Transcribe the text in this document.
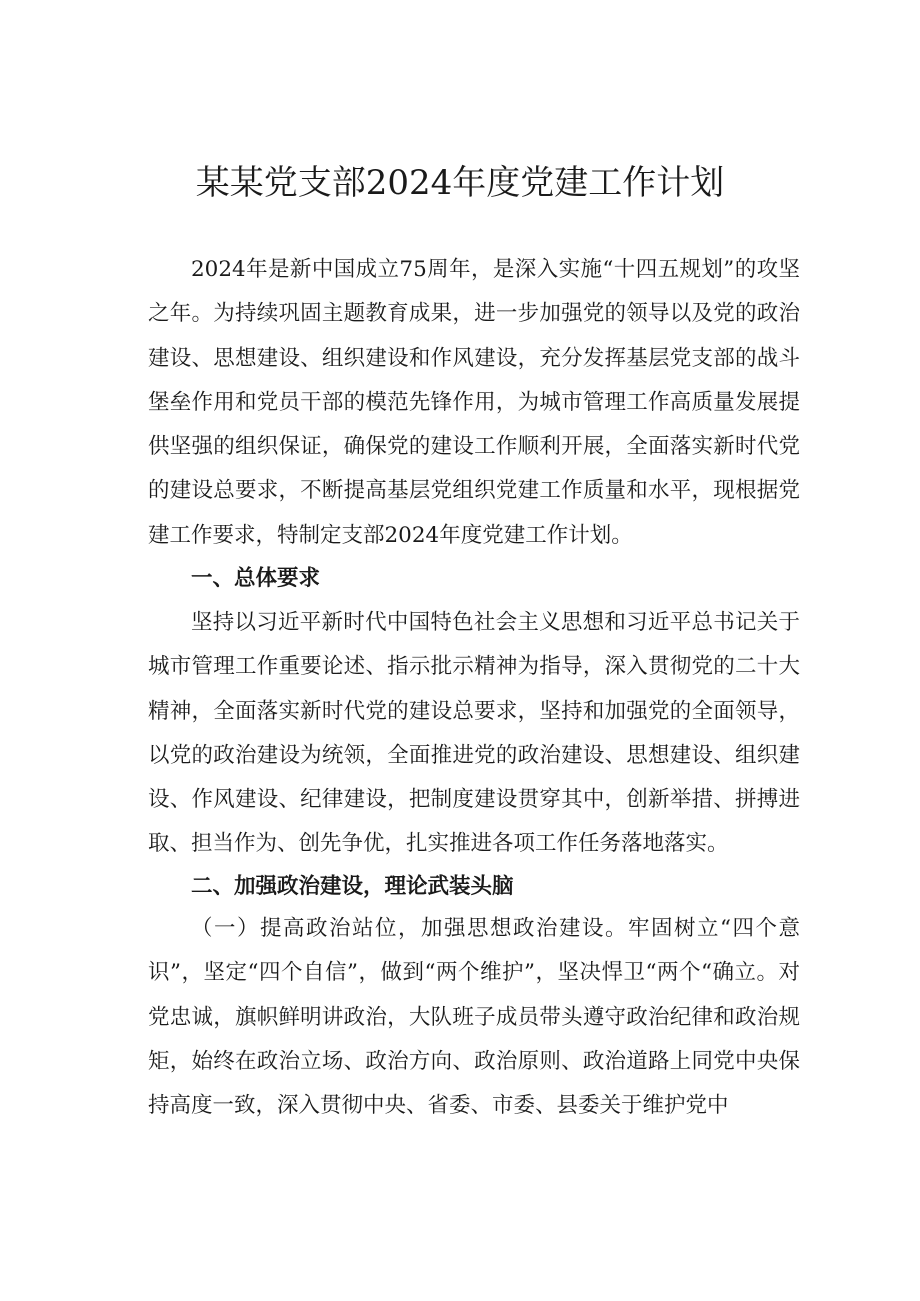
某某党支部2024年度党建工作计划

2024年是新中国成立75周年，是深入实施“十四五规划”的攻坚之年。为持续巩固主题教育成果，进一步加强党的领导以及党的政治建设、思想建设、组织建设和作风建设，充分发挥基层党支部的战斗堡垒作用和党员干部的模范先锋作用，为城市管理工作高质量发展提供坚强的组织保证，确保党的建设工作顺利开展，全面落实新时代党的建设总要求，不断提高基层党组织党建工作质量和水平，现根据党建工作要求，特制定支部2024年度党建工作计划。

一、总体要求

坚持以习近平新时代中国特色社会主义思想和习近平总书记关于城市管理工作重要论述、指示批示精神为指导，深入贯彻党的二十大精神，全面落实新时代党的建设总要求，坚持和加强党的全面领导，以党的政治建设为统领，全面推进党的政治建设、思想建设、组织建设、作风建设、纪律建设，把制度建设贯穿其中，创新举措、拼搏进取、担当作为、创先争优，扎实推进各项工作任务落地落实。

二、加强政治建设，理论武装头脑

（一）提高政治站位，加强思想政治建设。牢固树立“四个意识”，坚定“四个自信”，做到“两个维护”，坚决悍卫“两个“确立。对党忠诚，旗帜鲜明讲政治，大队班子成员带头遵守政治纪律和政治规矩，始终在政治立场、政治方向、政治原则、政治道路上同党中央保持高度一致，深入贯彻中央、省委、市委、县委关于维护党中
